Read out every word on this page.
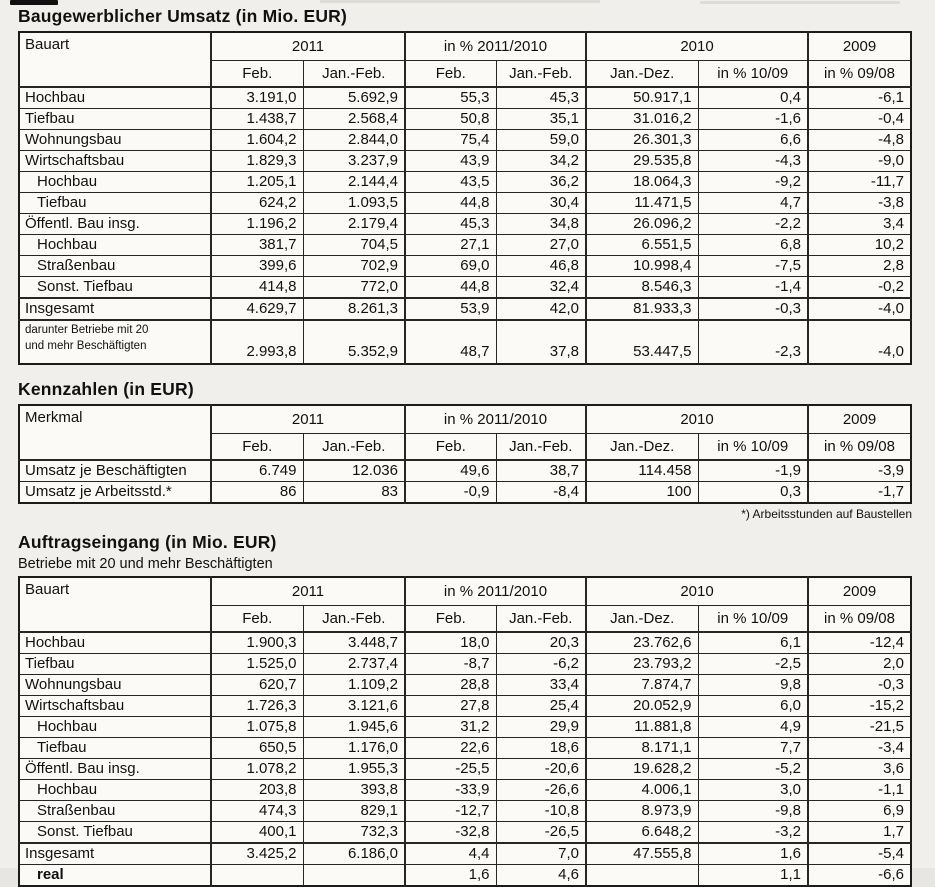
Baugewerblicher Umsatz (in Mio. EUR)
Bauart	2011		in % 2011/2010		2010		2009
	Feb.	Jan.-Feb.	Feb.	Jan.-Feb.	Jan.-Dez.	in % 10/09	in % 09/08
Hochbau	3.191,0	5.692,9	55,3	45,3	50.917,1	0,4	-6,1
Tiefbau	1.438,7	2.568,4	50,8	35,1	31.016,2	-1,6	-0,4
Wohnungsbau	1.604,2	2.844,0	75,4	59,0	26.301,3	6,6	-4,8
Wirtschaftsbau	1.829,3	3.237,9	43,9	34,2	29.535,8	-4,3	-9,0
Hochbau	1.205,1	2.144,4	43,5	36,2	18.064,3	-9,2	-11,7
Tiefbau	624,2	1.093,5	44,8	30,4	11.471,5	4,7	-3,8
Öffentl. Bau insg.	1.196,2	2.179,4	45,3	34,8	26.096,2	-2,2	3,4
Hochbau	381,7	704,5	27,1	27,0	6.551,5	6,8	10,2
Straßenbau	399,6	702,9	69,0	46,8	10.998,4	-7,5	2,8
Sonst. Tiefbau	414,8	772,0	44,8	32,4	8.546,3	-1,4	-0,2
Insgesamt	4.629,7	8.261,3	53,9	42,0	81.933,3	-0,3	-4,0
darunter Betriebe mit 20
und mehr Beschäftigten	2.993,8	5.352,9	48,7	37,8	53.447,5	-2,3	-4,0
Kennzahlen (in EUR)
Merkmal	2011		in % 2011/2010		2010		2009
	Feb.	Jan.-Feb.	Feb.	Jan.-Feb.	Jan.-Dez.	in % 10/09	in % 09/08
Umsatz je Beschäftigten	6.749	12.036	49,6	38,7	114.458	-1,9	-3,9
Umsatz je Arbeitsstd.*	86	83	-0,9	-8,4	100	0,3	-1,7
*) Arbeitsstunden auf Baustellen
Auftragseingang (in Mio. EUR)
Betriebe mit 20 und mehr Beschäftigten
Bauart	2011		in % 2011/2010		2010		2009
	Feb.	Jan.-Feb.	Feb.	Jan.-Feb.	Jan.-Dez.	in % 10/09	in % 09/08
Hochbau	1.900,3	3.448,7	18,0	20,3	23.762,6	6,1	-12,4
Tiefbau	1.525,0	2.737,4	-8,7	-6,2	23.793,2	-2,5	2,0
Wohnungsbau	620,7	1.109,2	28,8	33,4	7.874,7	9,8	-0,3
Wirtschaftsbau	1.726,3	3.121,6	27,8	25,4	20.052,9	6,0	-15,2
Hochbau	1.075,8	1.945,6	31,2	29,9	11.881,8	4,9	-21,5
Tiefbau	650,5	1.176,0	22,6	18,6	8.171,1	7,7	-3,4
Öffentl. Bau insg.	1.078,2	1.955,3	-25,5	-20,6	19.628,2	-5,2	3,6
Hochbau	203,8	393,8	-33,9	-26,6	4.006,1	3,0	-1,1
Straßenbau	474,3	829,1	-12,7	-10,8	8.973,9	-9,8	6,9
Sonst. Tiefbau	400,1	732,3	-32,8	-26,5	6.648,2	-3,2	1,7
Insgesamt	3.425,2	6.186,0	4,4	7,0	47.555,8	1,6	-5,4
real			1,6	4,6		1,1	-6,6
